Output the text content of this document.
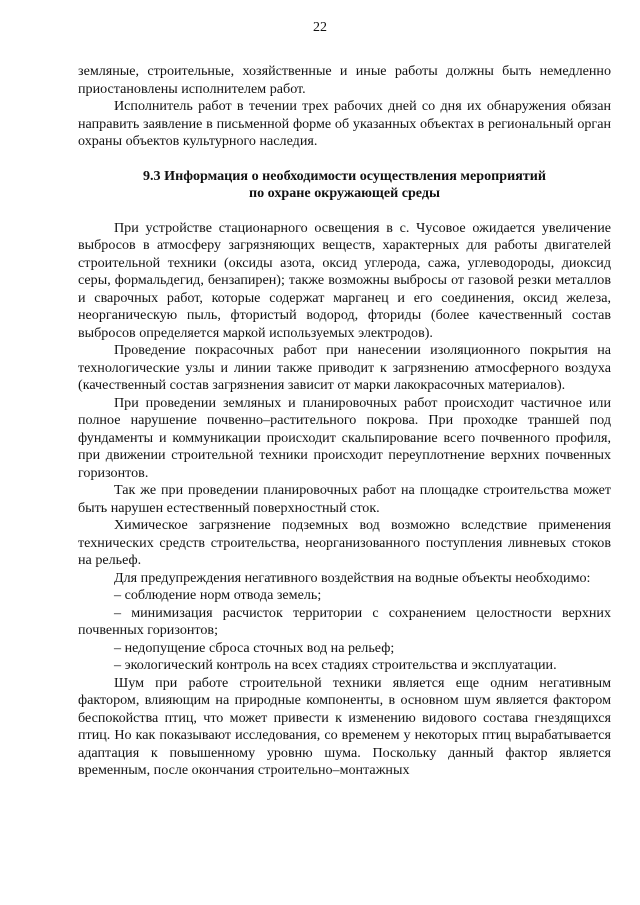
22

земляные, строительные, хозяйственные и иные работы должны быть немедленно приостановлены исполнителем работ.

Исполнитель работ в течении трех рабочих дней со дня их обнаружения обязан направить заявление в письменной форме об указанных объектах в региональный орган охраны объектов культурного наследия.

9.3 Информация о необходимости осуществления мероприятий
по охране окружающей среды

При устройстве стационарного освещения в с. Чусовое ожидается увеличение выбросов в атмосферу загрязняющих веществ, характерных для работы двигателей строительной техники (оксиды азота, оксид углерода, сажа, углеводороды, диоксид серы, формальдегид, бензапирен); также возможны выбросы от газовой резки металлов и сварочных работ, которые содержат марганец и его соединения, оксид железа, неорганическую пыль, фтористый водород, фториды (более качественный состав выбросов определяется маркой используемых электродов).

Проведение покрасочных работ при нанесении изоляционного покрытия на технологические узлы и линии также приводит к загрязнению атмосферного воздуха (качественный состав загрязнения зависит от марки лакокрасочных материалов).

При проведении земляных и планировочных работ происходит частичное или полное нарушение почвенно–растительного покрова. При проходке траншей под фундаменты и коммуникации происходит скальпирование всего почвенного профиля, при движении строительной техники происходит переуплотнение верхних почвенных горизонтов.

Так же при проведении планировочных работ на площадке строительства может быть нарушен естественный поверхностный сток.

Химическое загрязнение подземных вод возможно вследствие применения технических средств строительства, неорганизованного поступления ливневых стоков на рельеф.

Для предупреждения негативного воздействия на водные объекты необходимо:

– соблюдение норм отвода земель;

– минимизация расчисток территории с сохранением целостности верхних почвенных горизонтов;

– недопущение сброса сточных вод на рельеф;

– экологический контроль на всех стадиях строительства и эксплуатации.

Шум при работе строительной техники является еще одним негативным фактором, влияющим на природные компоненты, в основном шум является фактором беспокойства птиц, что может привести к изменению видового состава гнездящихся птиц. Но как показывают исследования, со временем у некоторых птиц вырабатывается адаптация к повышенному уровню шума. Поскольку данный фактор является временным, после окончания строительно–монтажных
